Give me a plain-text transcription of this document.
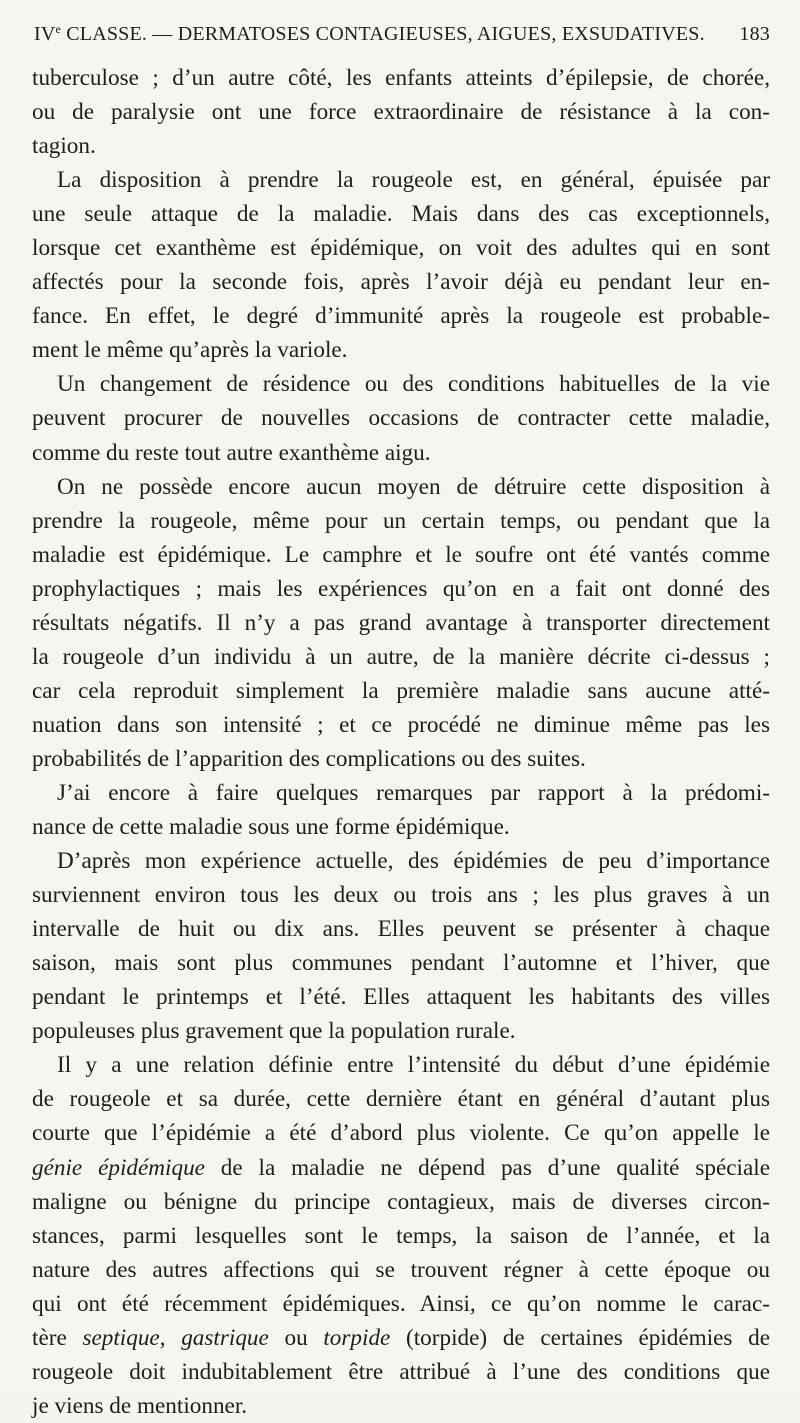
IVe CLASSE. — DERMATOSES CONTAGIEUSES, AIGUES, EXSUDATIVES. 183
tuberculose ; d’un autre côté, les enfants atteints d’épilepsie, de chorée,
ou de paralysie ont une force extraordinaire de résistance à la con-
tagion.
La disposition à prendre la rougeole est, en général, épuisée par
une seule attaque de la maladie. Mais dans des cas exceptionnels,
lorsque cet exanthème est épidémique, on voit des adultes qui en sont
affectés pour la seconde fois, après l’avoir déjà eu pendant leur en-
fance. En effet, le degré d’immunité après la rougeole est probable-
ment le même qu’après la variole.
Un changement de résidence ou des conditions habituelles de la vie
peuvent procurer de nouvelles occasions de contracter cette maladie,
comme du reste tout autre exanthème aigu.
On ne possède encore aucun moyen de détruire cette disposition à
prendre la rougeole, même pour un certain temps, ou pendant que la
maladie est épidémique. Le camphre et le soufre ont été vantés comme
prophylactiques ; mais les expériences qu’on en a fait ont donné des
résultats négatifs. Il n’y a pas grand avantage à transporter directement
la rougeole d’un individu à un autre, de la manière décrite ci-dessus ;
car cela reproduit simplement la première maladie sans aucune atté-
nuation dans son intensité ; et ce procédé ne diminue même pas les
probabilités de l’apparition des complications ou des suites.
J’ai encore à faire quelques remarques par rapport à la prédomi-
nance de cette maladie sous une forme épidémique.
D’après mon expérience actuelle, des épidémies de peu d’importance
surviennent environ tous les deux ou trois ans ; les plus graves à un
intervalle de huit ou dix ans. Elles peuvent se présenter à chaque
saison, mais sont plus communes pendant l’automne et l’hiver, que
pendant le printemps et l’été. Elles attaquent les habitants des villes
populeuses plus gravement que la population rurale.
Il y a une relation définie entre l’intensité du début d’une épidémie
de rougeole et sa durée, cette dernière étant en général d’autant plus
courte que l’épidémie a été d’abord plus violente. Ce qu’on appelle le
génie épidémique de la maladie ne dépend pas d’une qualité spéciale
maligne ou bénigne du principe contagieux, mais de diverses circon-
stances, parmi lesquelles sont le temps, la saison de l’année, et la
nature des autres affections qui se trouvent régner à cette époque ou
qui ont été récemment épidémiques. Ainsi, ce qu’on nomme le carac-
tère septique, gastrique ou torpide (torpide) de certaines épidémies de
rougeole doit indubitablement être attribué à l’une des conditions que
je viens de mentionner.
